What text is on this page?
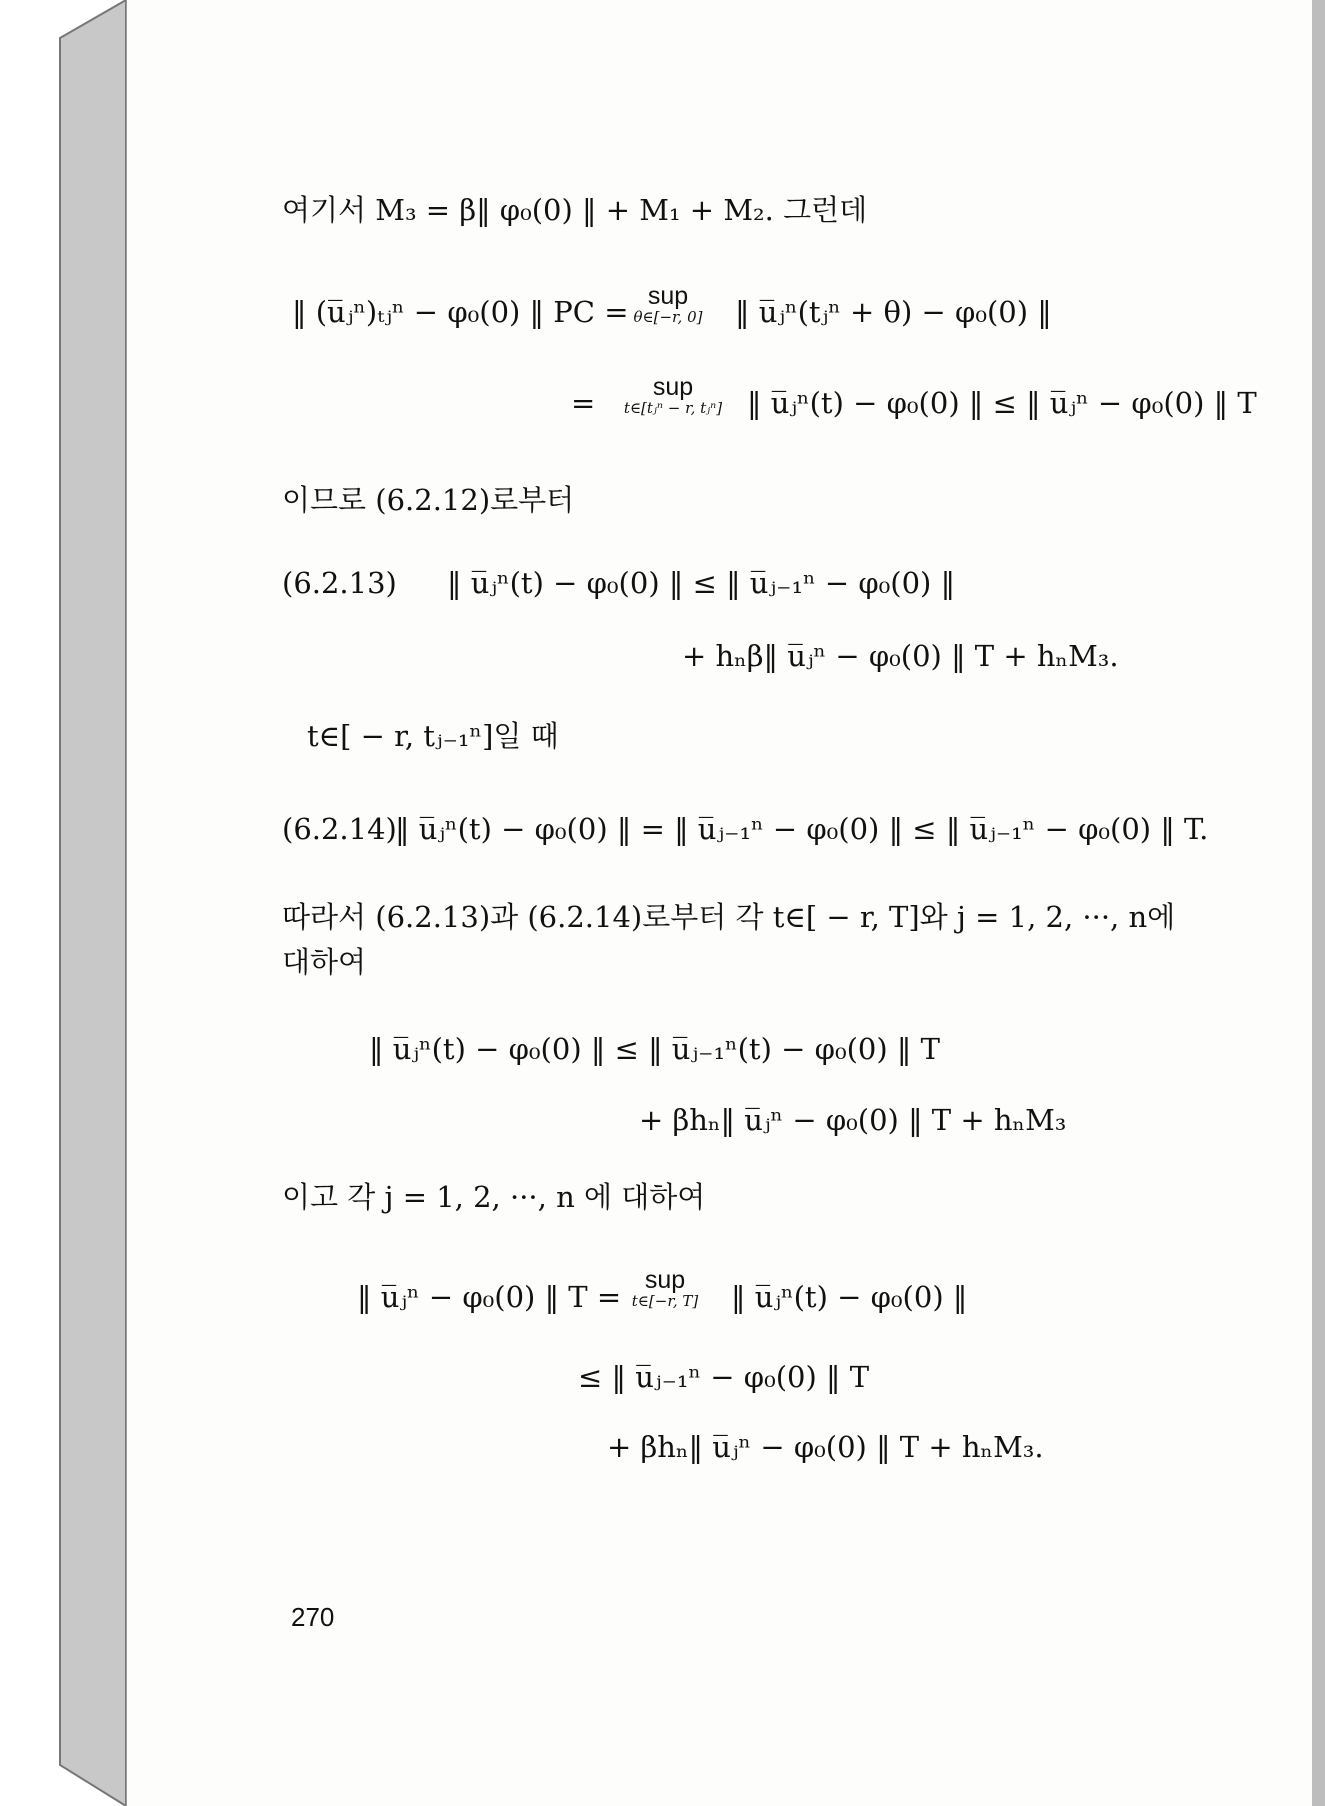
여기서 M₃ = β‖ φ₀(0) ‖ + M₁ + M₂. 그런데
‖ (u̅ⱼⁿ)ₜⱼⁿ − φ₀(0) ‖ PC = sup
θ∈[−r, 0]	‖ u̅ⱼⁿ(tⱼⁿ + θ) − φ₀(0) ‖
=	sup
t∈[tⱼⁿ − r, tⱼⁿ] ‖ u̅ⱼⁿ(t) − φ₀(0) ‖ ≤ ‖ u̅ⱼⁿ − φ₀(0) ‖ T
이므로 (6.2.12)로부터
(6.2.13) ‖ u̅ⱼⁿ(t) − φ₀(0) ‖ ≤ ‖ u̅ⱼ₋₁ⁿ − φ₀(0) ‖
+ hₙβ‖ u̅ⱼⁿ − φ₀(0) ‖ T + hₙM₃.
t∈[ − r, tⱼ₋₁ⁿ]일 때
(6.2.14)
‖ u̅ⱼⁿ(t) − φ₀(0) ‖ = ‖ u̅ⱼ₋₁ⁿ − φ₀(0) ‖ ≤ ‖ u̅ⱼ₋₁ⁿ − φ₀(0) ‖ T.
따라서 (6.2.13)과 (6.2.14)로부터 각 t∈[ − r, T]와 j = 1, 2, ···, n에
대하여
‖ u̅ⱼⁿ(t) − φ₀(0) ‖ ≤ ‖ u̅ⱼ₋₁ⁿ(t) − φ₀(0) ‖ T
+ βhₙ‖ u̅ⱼⁿ − φ₀(0) ‖ T + hₙM₃
이고 각 j = 1, 2, ···, n 에 대하여
‖ u̅ⱼⁿ − φ₀(0) ‖ T = sup
t∈[−r, T]	‖ u̅ⱼⁿ(t) − φ₀(0) ‖
≤ ‖ u̅ⱼ₋₁ⁿ − φ₀(0) ‖ T
+ βhₙ‖ u̅ⱼⁿ − φ₀(0) ‖ T + hₙM₃.
270
